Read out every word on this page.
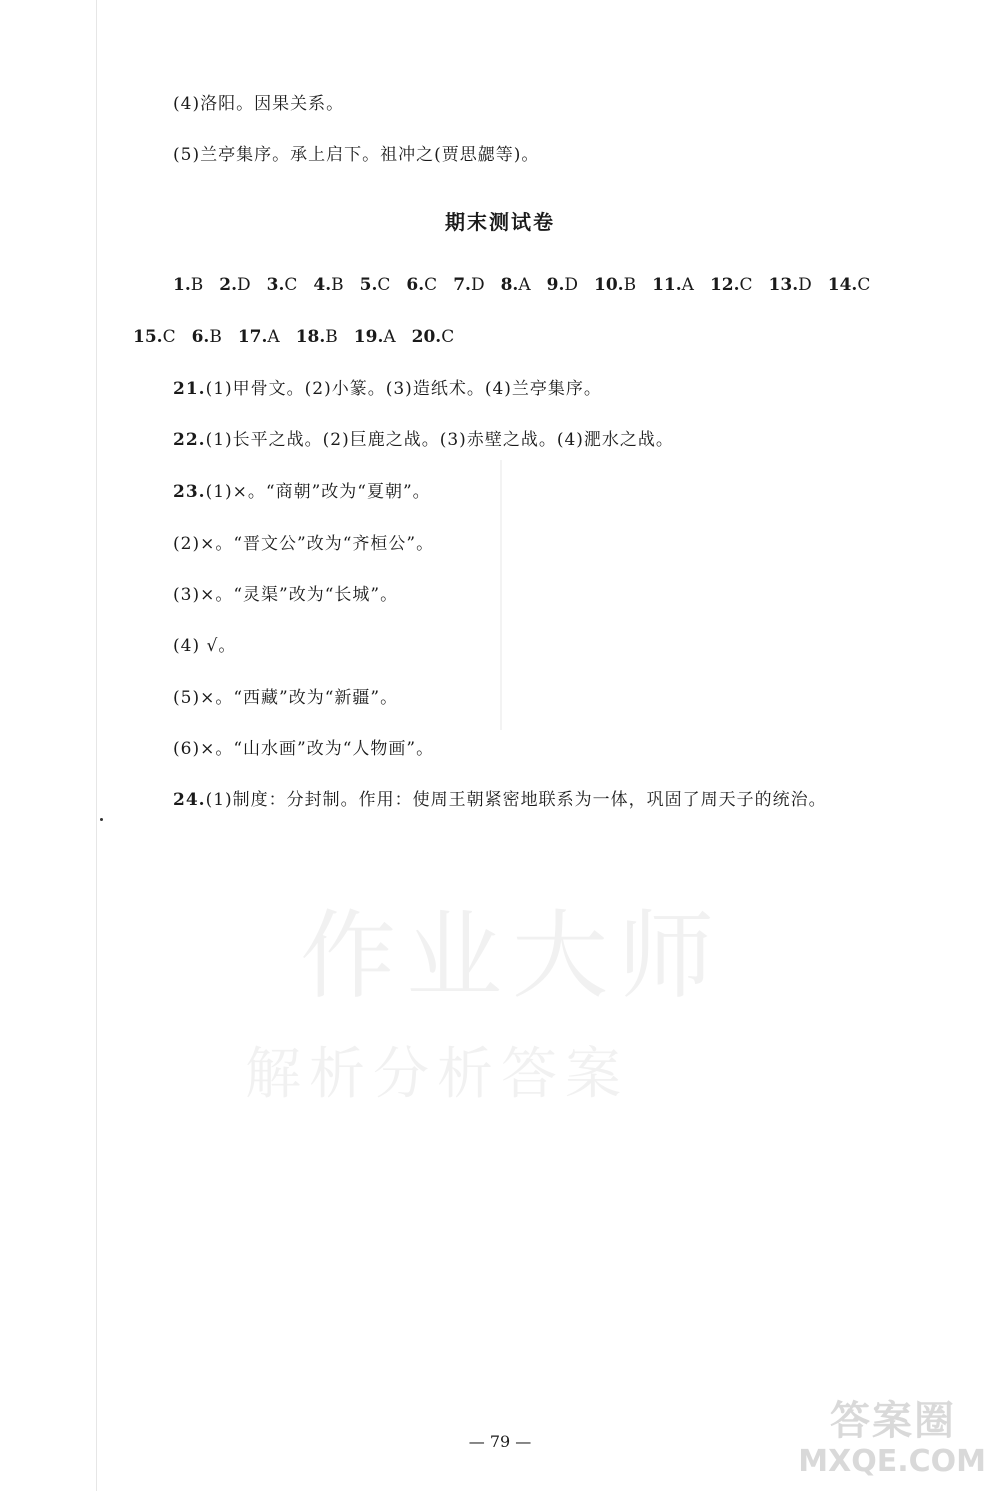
作业大师
解析分析答案
(4)洛阳。因果关系。
(5)兰亭集序。承上启下。祖冲之(贾思勰等)。
期末测试卷
1.B 2.D 3.C 4.B 5.C 6.C 7.D 8.A 9.D 10.B 11.A 12.C 13.D 14.C
15.C 6.B 17.A 18.B 19.A 20.C
21.(1)甲骨文。(2)小篆。(3)造纸术。(4)兰亭集序。
22.(1)长平之战。(2)巨鹿之战。(3)赤壁之战。(4)淝水之战。
23.(1)×。“商朝”改为“夏朝”。
(2)×。“晋文公”改为“齐桓公”。
(3)×。“灵渠”改为“长城”。
(4) √。
(5)×。“西藏”改为“新疆”。
(6)×。“山水画”改为“人物画”。
24.(1)制度：分封制。作用：使周王朝紧密地联系为一体，巩固了周天子的统治。
— 79 —	答案圈
MXQE.COM
